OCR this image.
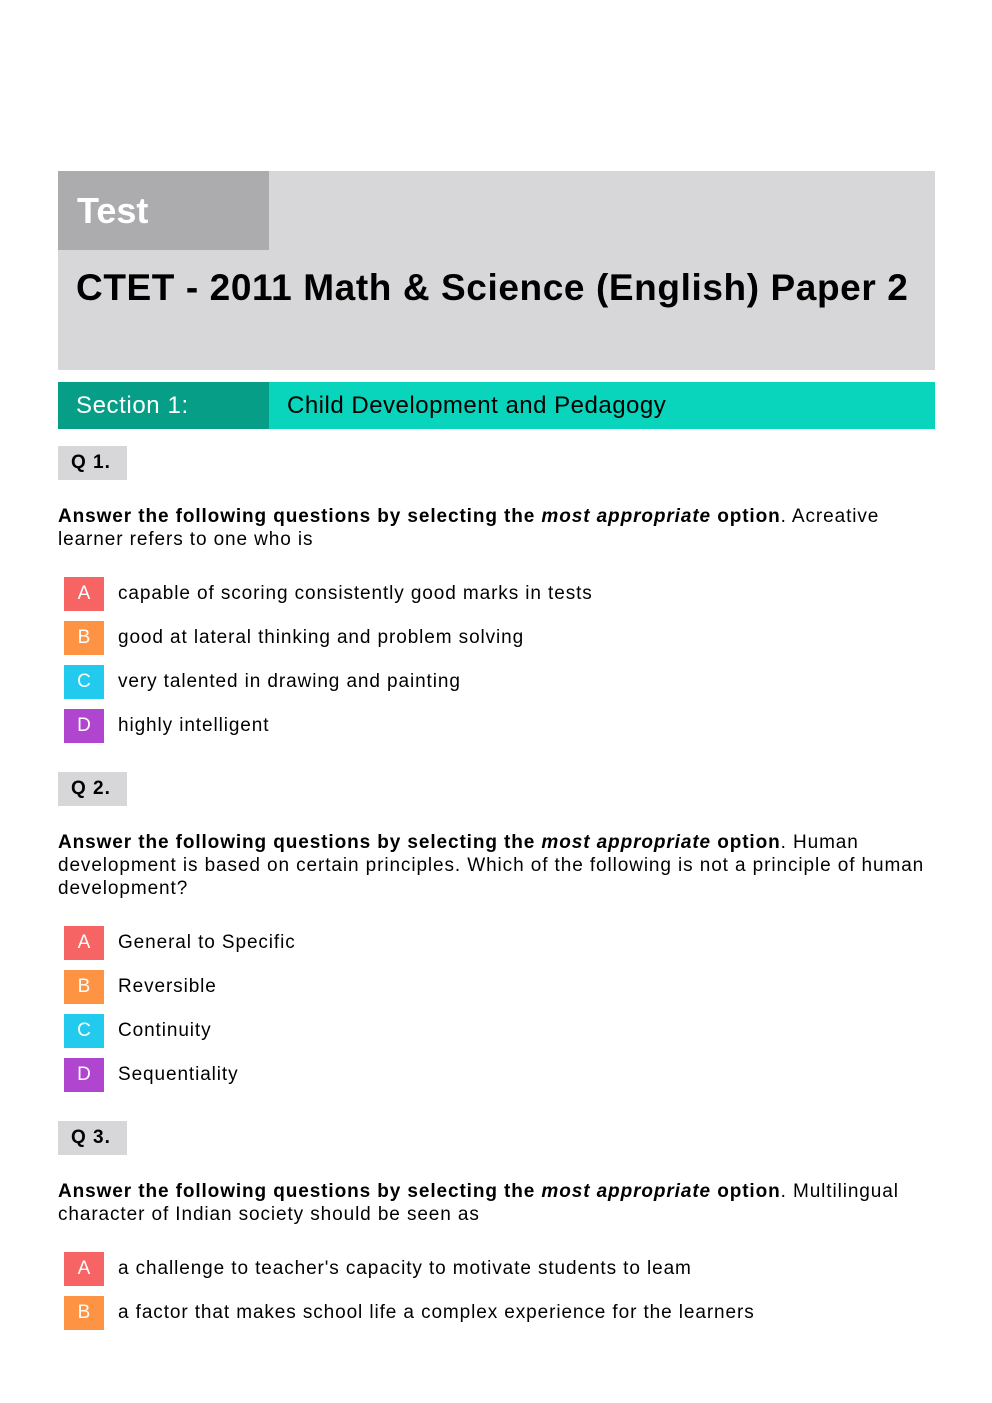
Test
CTET - 2011 Math & Science (English) Paper 2
Section 1:	Child Development and Pedagogy
Q 1.
Answer the following questions by selecting the most appropriate option. Acreative learner refers to one who is
A	capable of scoring consistently good marks in tests
B	good at lateral thinking and problem solving
C	very talented in drawing and painting
D	highly intelligent
Q 2.
Answer the following questions by selecting the most appropriate option. Human development is based on certain principles. Which of the following is not a principle of human development?
A	General to Specific
B	Reversible
C	Continuity
D	Sequentiality
Q 3.
Answer the following questions by selecting the most appropriate option. Multilingual character of Indian society should be seen as
A	a challenge to teacher's capacity to motivate students to leam
B	a factor that makes school life a complex experience for the learners
